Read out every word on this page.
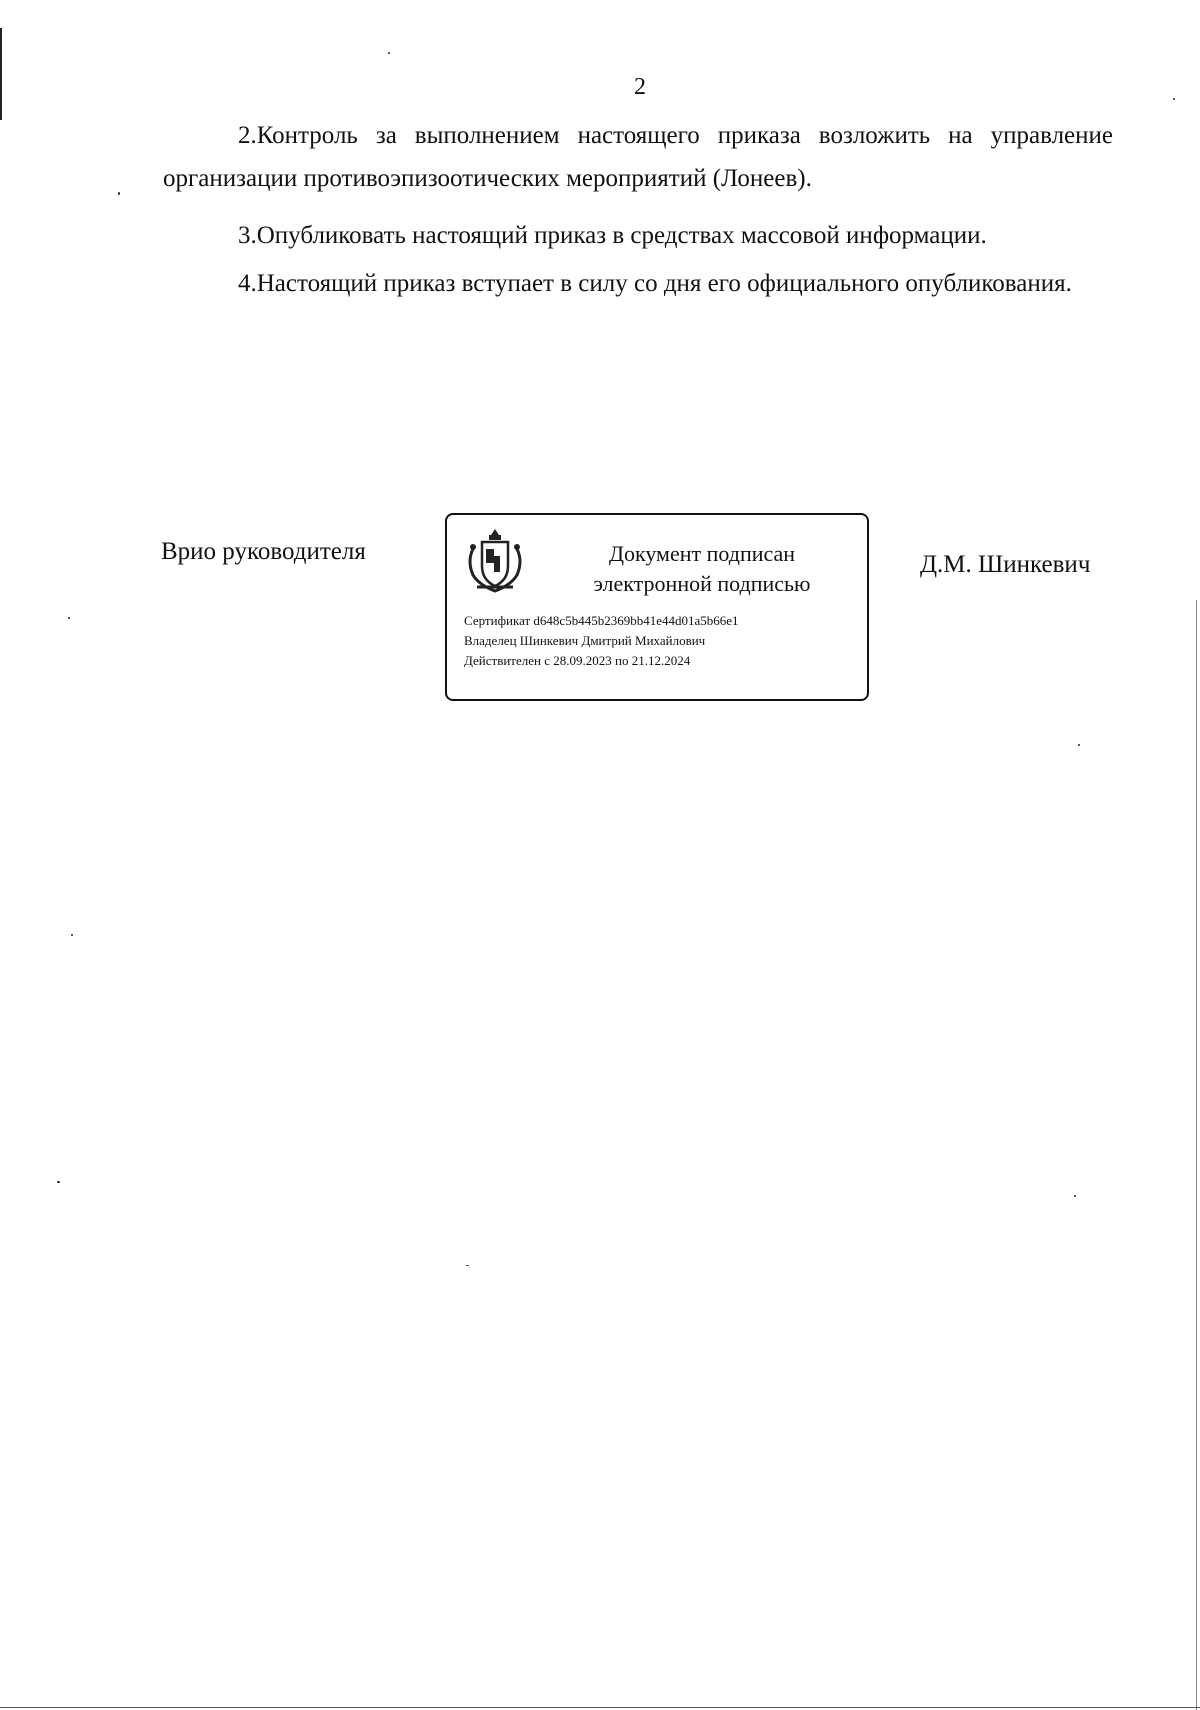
2

2.Контроль за выполнением настоящего приказа возложить на управление организации противоэпизоотических мероприятий (Лонеев).

3.Опубликовать настоящий приказ в средствах массовой информации.

4.Настоящий приказ вступает в силу со дня его официального опубликования.

Врио руководителя	Документ подписан
электронной подписью
Сертификат d648c5b445b2369bb41e44d01a5b66e1
Владелец Шинкевич Дмитрий Михайлович
Действителен с 28.09.2023 по 21.12.2024
Д.М. Шинкевич
